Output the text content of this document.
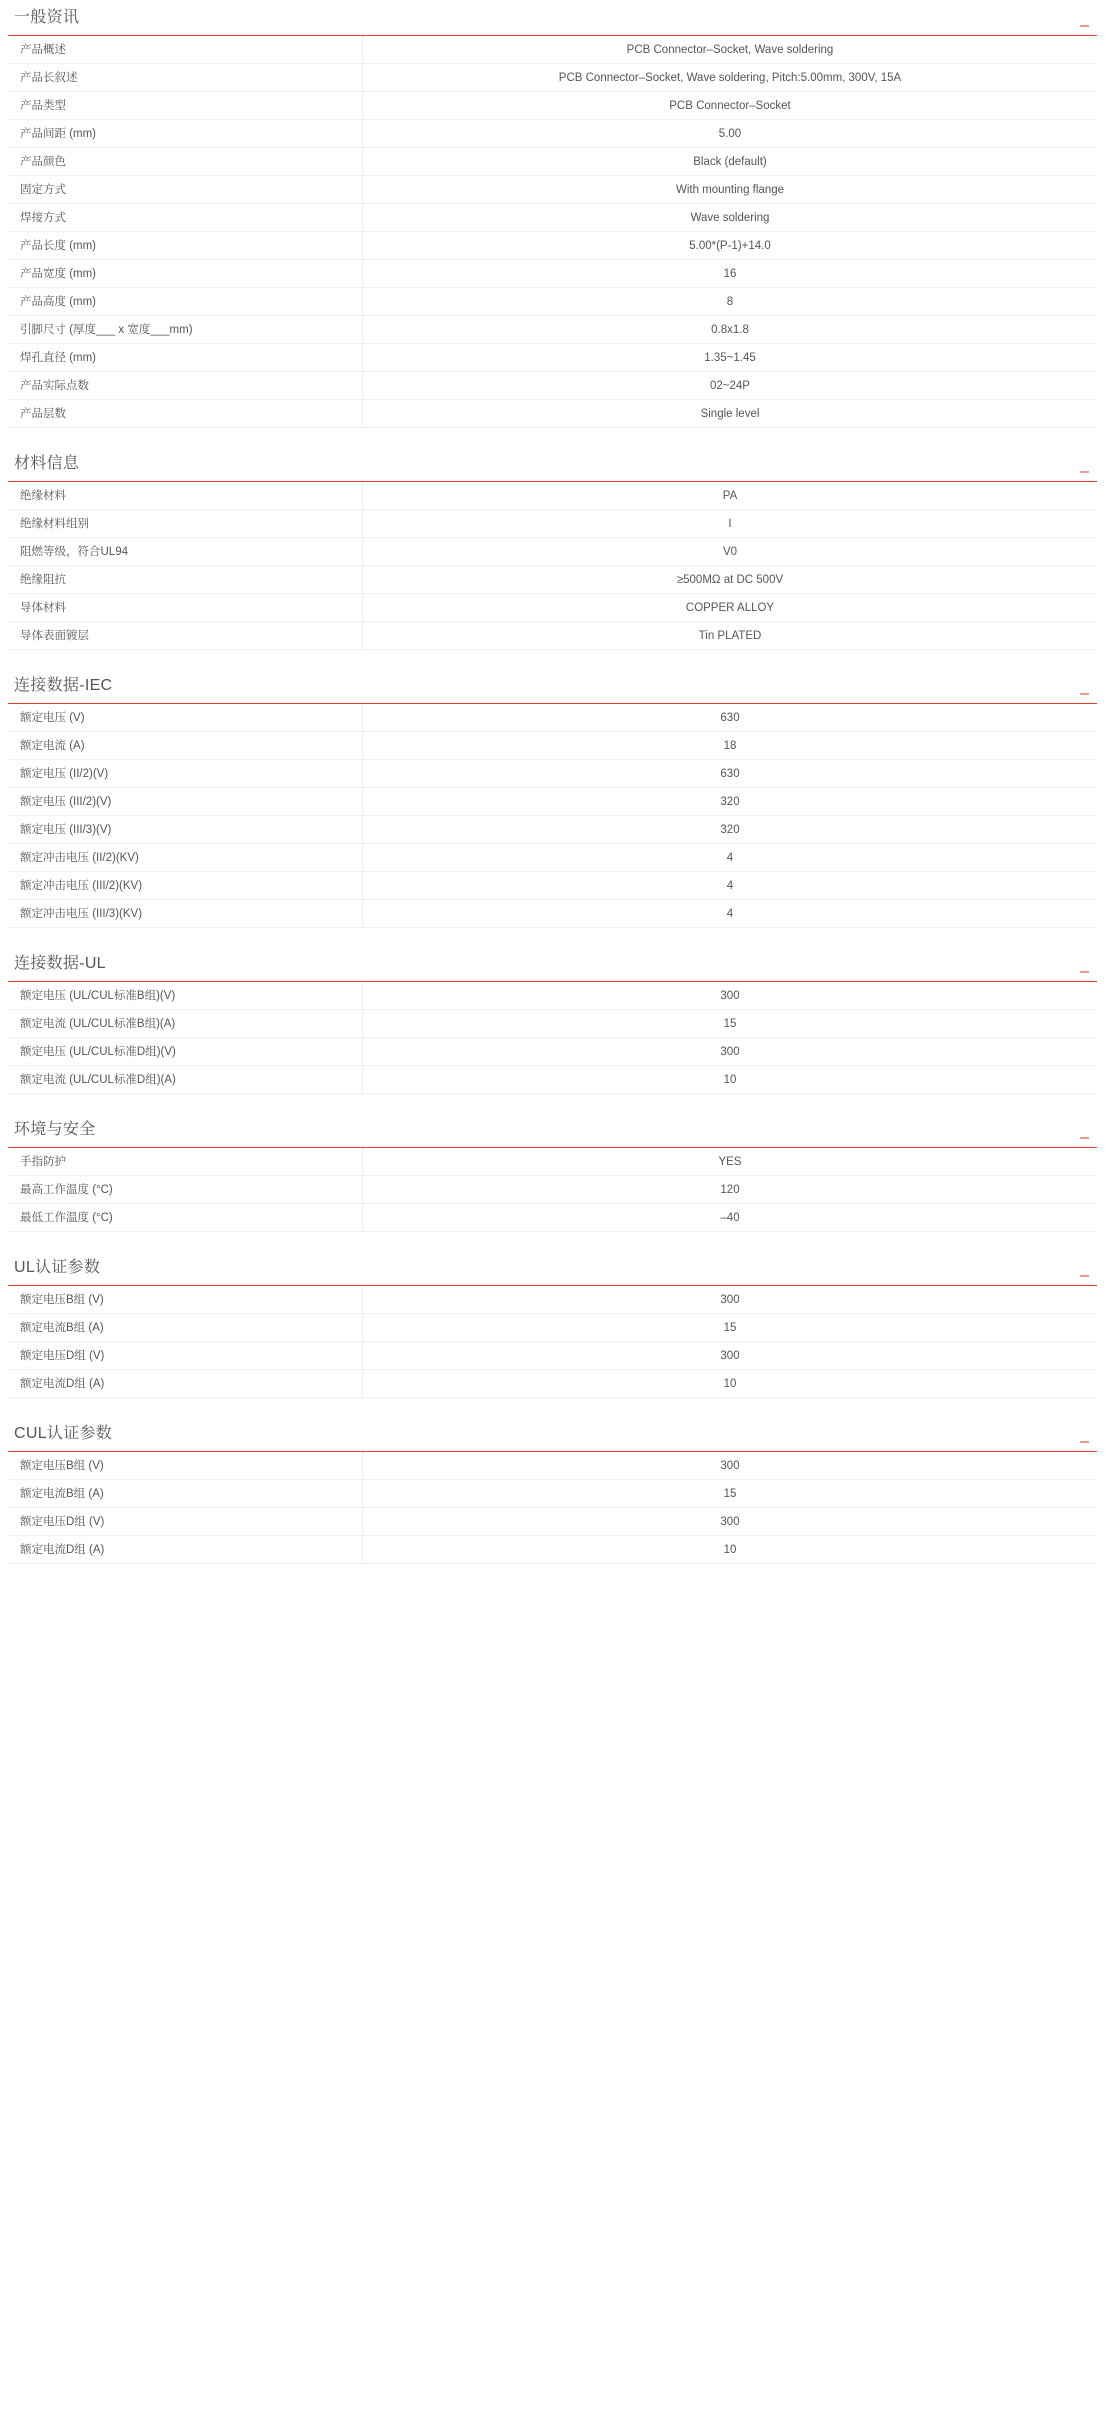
一般资讯	–
产品概述	PCB Connector–Socket, Wave soldering
产品长叙述	PCB Connector–Socket, Wave soldering, Pitch:5.00mm, 300V, 15A
产品类型	PCB Connector–Socket
产品间距 (mm)	5.00
产品颜色	Black (default)
固定方式	With mounting flange
焊接方式	Wave soldering
产品长度 (mm)	5.00*(P-1)+14.0
产品宽度 (mm)	16
产品高度 (mm)	8
引脚尺寸 (厚度___ x 宽度___mm)	0.8x1.8
焊孔直径 (mm)	1.35~1.45
产品实际点数	02~24P
产品层数	Single level
材料信息	–
绝缘材料	PA
绝缘材料组别	I
阻燃等级，符合UL94	V0
绝缘阻抗	≥500MΩ at DC 500V
导体材料	COPPER ALLOY
导体表面镀层	Tin PLATED
连接数据-IEC	–
额定电压 (V)	630
额定电流 (A)	18
额定电压 (II/2)(V)	630
额定电压 (III/2)(V)	320
额定电压 (III/3)(V)	320
额定冲击电压 (II/2)(KV)	4
额定冲击电压 (III/2)(KV)	4
额定冲击电压 (III/3)(KV)	4
连接数据-UL	–
额定电压 (UL/CUL标准B组)(V)	300
额定电流 (UL/CUL标准B组)(A)	15
额定电压 (UL/CUL标准D组)(V)	300
额定电流 (UL/CUL标准D组)(A)	10
环境与安全	–
手指防护	YES
最高工作温度 (°C)	120
最低工作温度 (°C)	–40
UL认证参数	–
额定电压B组 (V)	300
额定电流B组 (A)	15
额定电压D组 (V)	300
额定电流D组 (A)	10
CUL认证参数	–
额定电压B组 (V)	300
额定电流B组 (A)	15
额定电压D组 (V)	300
额定电流D组 (A)	10
